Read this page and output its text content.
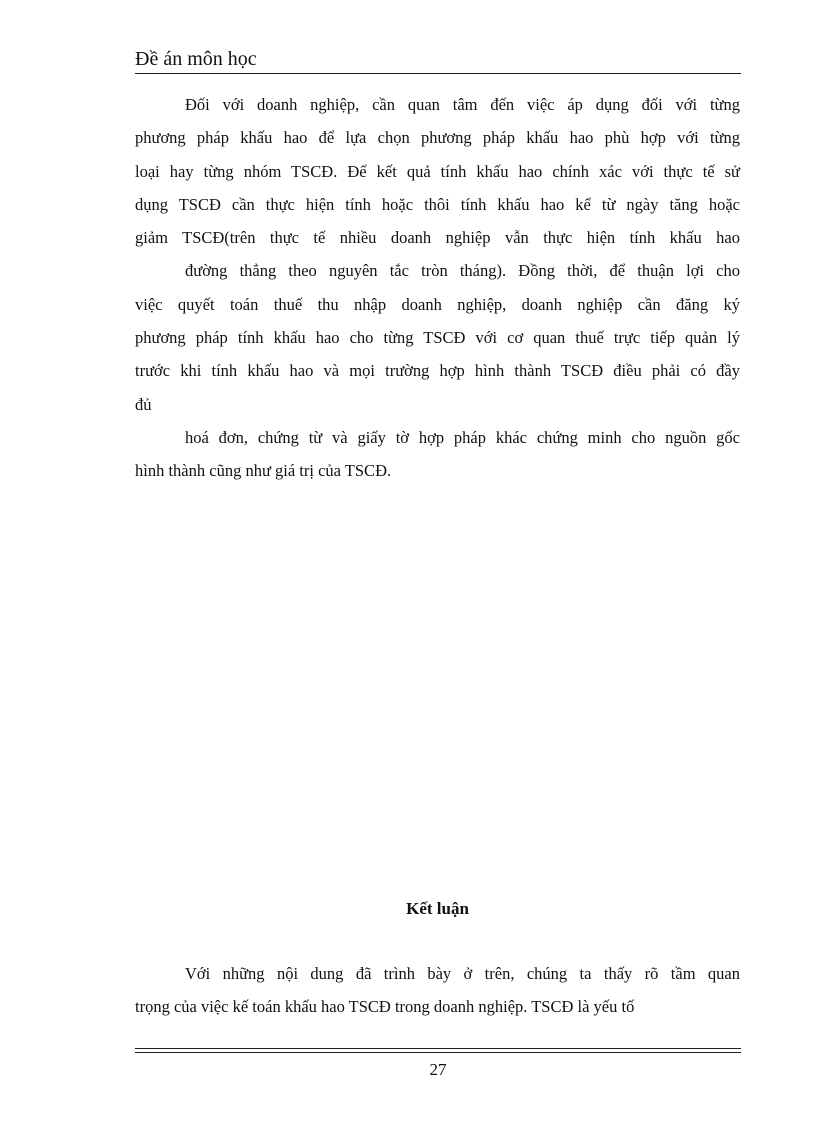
Đề án môn học
Đối với doanh nghiệp, cần quan tâm đến việc áp dụng đối với từng
phương pháp khấu hao để lựa chọn phương pháp khấu hao phù hợp với từng
loại hay từng nhóm TSCĐ. Để kết quả tính khấu hao chính xác với thực tế sử
dụng TSCĐ cần thực hiện tính hoặc thôi tính khấu hao kể từ ngày tăng hoặc
giảm TSCĐ(trên thực tế nhiều doanh nghiệp vẫn thực hiện tính khấu hao
đường thẳng theo nguyên tắc tròn tháng). Đồng thời, để thuận lợi cho
việc quyết toán thuế thu nhập doanh nghiệp, doanh nghiệp cần đăng ký
phương pháp tính khấu hao cho từng TSCĐ với cơ quan thuế trực tiếp quản lý
trước khi tính khấu hao và mọi trường hợp hình thành TSCĐ điều phải có đầy
đủ
hoá đơn, chứng từ và giấy tờ hợp pháp khác chứng minh cho nguồn gốc
hình thành cũng như giá trị của TSCĐ.
Kết luận
Với những nội dung đã trình bày ở trên, chúng ta thấy rõ tầm quan
trọng của việc kế toán khấu hao TSCĐ trong doanh nghiệp. TSCĐ là yếu tố
27
